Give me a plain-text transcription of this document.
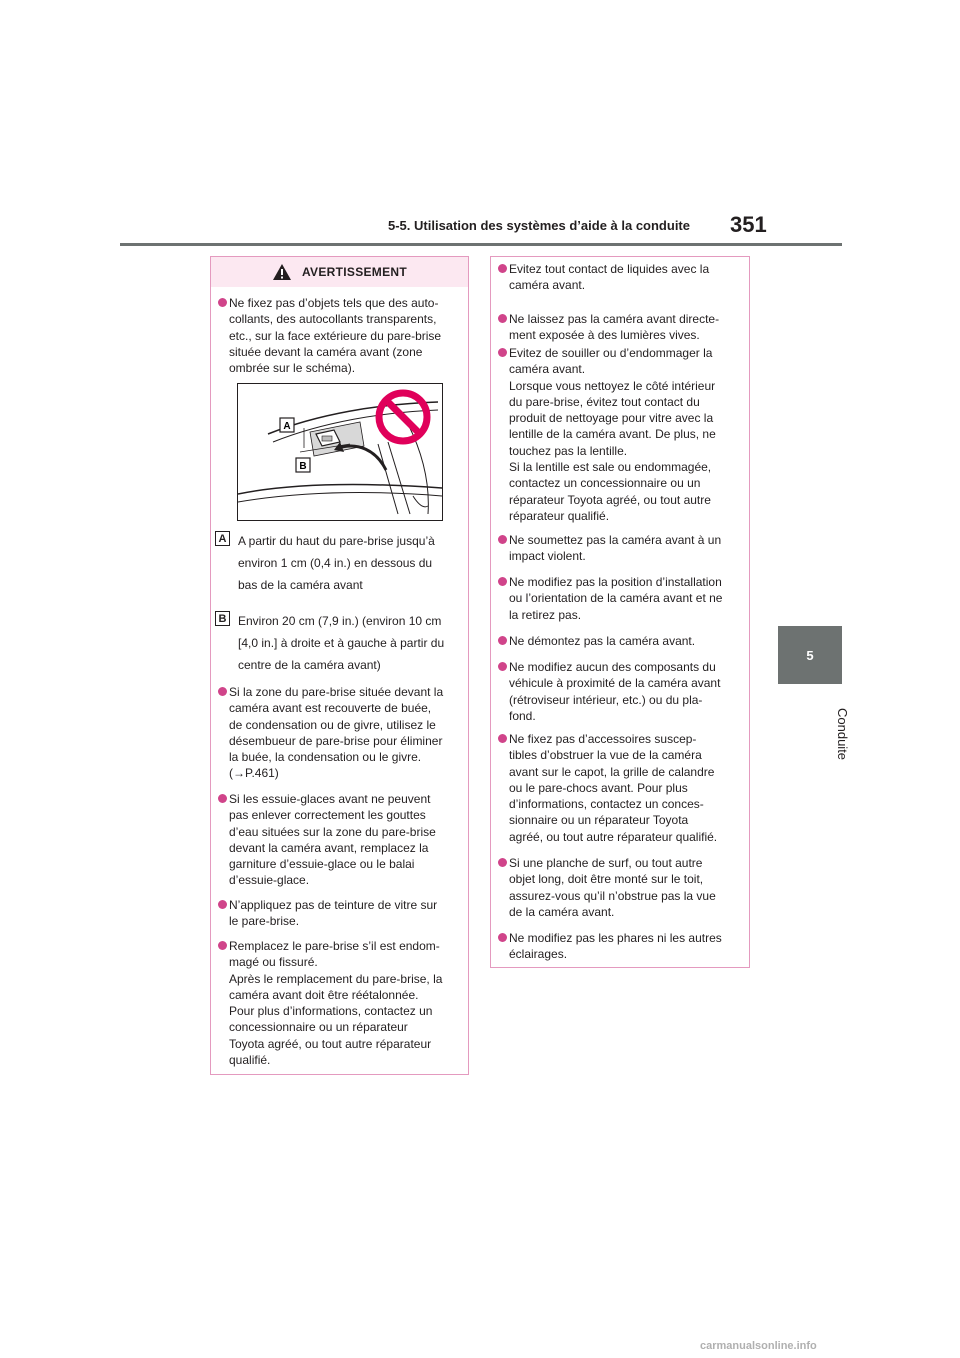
5-5. Utilisation des systèmes d’aide à la conduite 351
5
Conduite
AVERTISSEMENT
Ne fixez pas d’objets tels que des auto-
collants, des autocollants transparents,
etc., sur la face extérieure du pare-brise
située devant la caméra avant (zone
ombrée sur le schéma).
A
B
A A partir du haut du pare-brise jusqu’à
environ 1 cm (0,4 in.) en dessous du
bas de la caméra avant
B Environ 20 cm (7,9 in.) (environ 10 cm
[4,0 in.] à droite et à gauche à partir du
centre de la caméra avant)
Si la zone du pare-brise située devant la
caméra avant est recouverte de buée,
de condensation ou de givre, utilisez le
désembueur de pare-brise pour éliminer
la buée, la condensation ou le givre.
(→P.461)
Si les essuie-glaces avant ne peuvent
pas enlever correctement les gouttes
d’eau situées sur la zone du pare-brise
devant la caméra avant, remplacez la
garniture d’essuie-glace ou le balai
d’essuie-glace.
N’appliquez pas de teinture de vitre sur
le pare-brise.
Remplacez le pare-brise s’il est endom-
magé ou fissuré.
Après le remplacement du pare-brise, la
caméra avant doit être réétalonnée.
Pour plus d’informations, contactez un
concessionnaire ou un réparateur
Toyota agréé, ou tout autre réparateur
qualifié.
Evitez tout contact de liquides avec la
caméra avant.
Ne laissez pas la caméra avant directe-
ment exposée à des lumières vives.
Evitez de souiller ou d’endommager la
caméra avant.
Lorsque vous nettoyez le côté intérieur
du pare-brise, évitez tout contact du
produit de nettoyage pour vitre avec la
lentille de la caméra avant. De plus, ne
touchez pas la lentille.
Si la lentille est sale ou endommagée,
contactez un concessionnaire ou un
réparateur Toyota agréé, ou tout autre
réparateur qualifié.
Ne soumettez pas la caméra avant à un
impact violent.
Ne modifiez pas la position d’installation
ou l’orientation de la caméra avant et ne
la retirez pas.
Ne démontez pas la caméra avant.
Ne modifiez aucun des composants du
véhicule à proximité de la caméra avant
(rétroviseur intérieur, etc.) ou du pla-
fond.
Ne fixez pas d’accessoires suscep-
tibles d’obstruer la vue de la caméra
avant sur le capot, la grille de calandre
ou le pare-chocs avant. Pour plus
d’informations, contactez un conces-
sionnaire ou un réparateur Toyota
agréé, ou tout autre réparateur qualifié.
Si une planche de surf, ou tout autre
objet long, doit être monté sur le toit,
assurez-vous qu’il n’obstrue pas la vue
de la caméra avant.
Ne modifiez pas les phares ni les autres
éclairages.
carmanualsonline.info
